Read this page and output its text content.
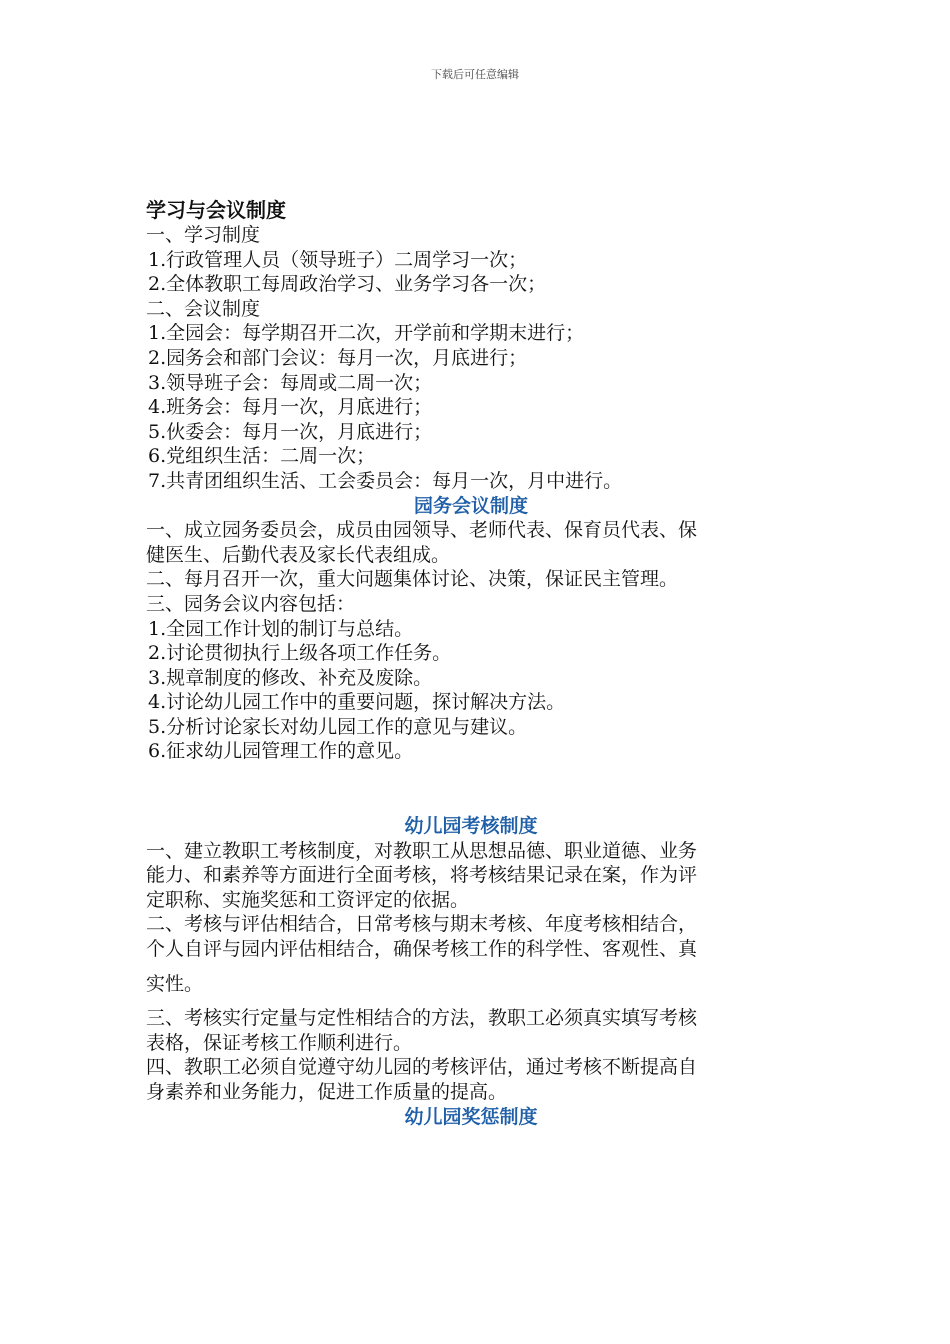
下载后可任意编辑
学习与会议制度
一、学习制度
1.行政管理人员（领导班子）二周学习一次；
2.全体教职工每周政治学习、业务学习各一次；
二、会议制度
1.全园会：每学期召开二次，开学前和学期末进行；
2.园务会和部门会议：每月一次，月底进行；
3.领导班子会：每周或二周一次；
4.班务会：每月一次，月底进行；
5.伙委会：每月一次，月底进行；
6.党组织生活：二周一次；
7.共青团组织生活、工会委员会：每月一次，月中进行。
园务会议制度
一、成立园务委员会，成员由园领导、老师代表、保育员代表、保
健医生、后勤代表及家长代表组成。
二、每月召开一次，重大问题集体讨论、决策，保证民主管理。
三、园务会议内容包括：
1.全园工作计划的制订与总结。
2.讨论贯彻执行上级各项工作任务。
3.规章制度的修改、补充及废除。
4.讨论幼儿园工作中的重要问题，探讨解决方法。
5.分析讨论家长对幼儿园工作的意见与建议。
6.征求幼儿园管理工作的意见。
幼儿园考核制度
一、建立教职工考核制度，对教职工从思想品德、职业道德、业务
能力、和素养等方面进行全面考核，将考核结果记录在案，作为评
定职称、实施奖惩和工资评定的依据。
二、考核与评估相结合，日常考核与期末考核、年度考核相结合，
个人自评与园内评估相结合，确保考核工作的科学性、客观性、真
实性。
三、考核实行定量与定性相结合的方法，教职工必须真实填写考核
表格，保证考核工作顺利进行。
四、教职工必须自觉遵守幼儿园的考核评估，通过考核不断提高自
身素养和业务能力，促进工作质量的提高。
幼儿园奖惩制度
